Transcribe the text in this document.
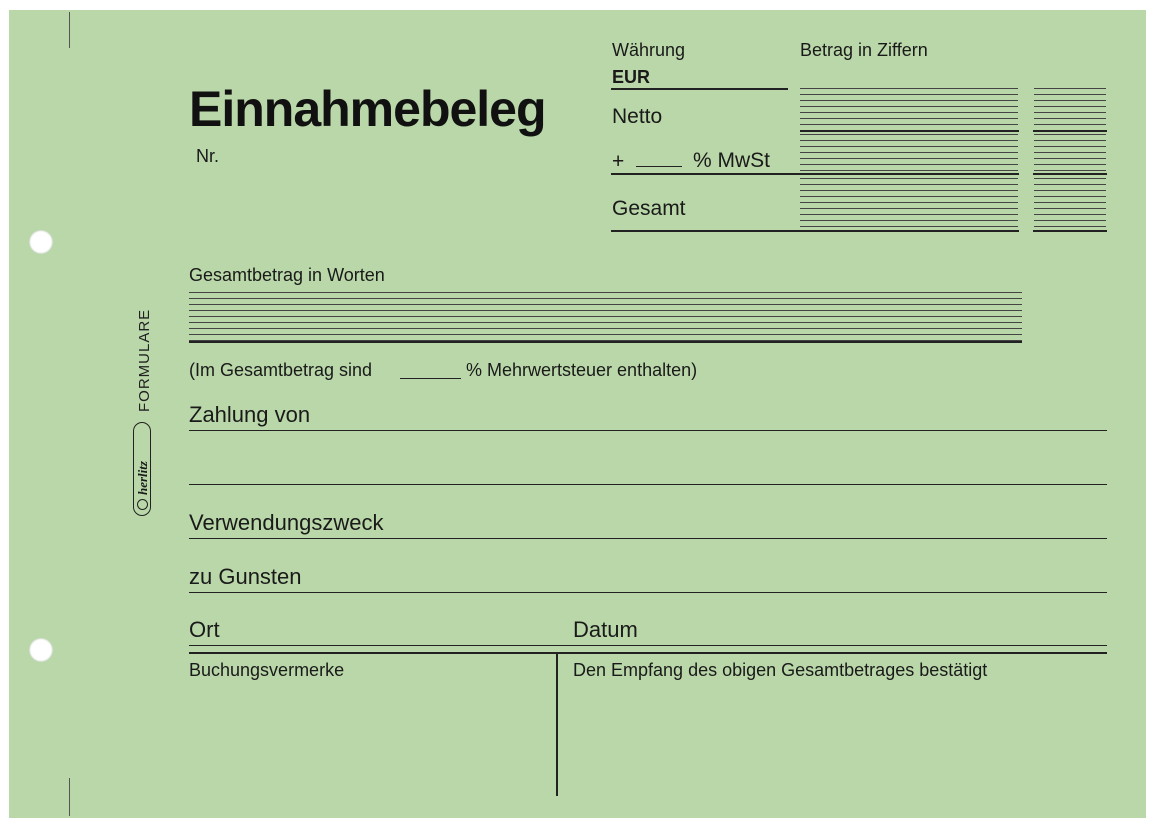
FORMULARE
herlitz
Einnahmebeleg
Nr.
Währung
EUR
Betrag in Ziffern
Netto
+	% MwSt
Gesamt
Gesamtbetrag in Worten
(Im Gesamtbetrag sind	% Mehrwertsteuer enthalten)
Zahlung von
Verwendungszweck
zu Gunsten
Ort	Datum
Buchungsvermerke	Den Empfang des obigen Gesamtbetrages bestätigt
